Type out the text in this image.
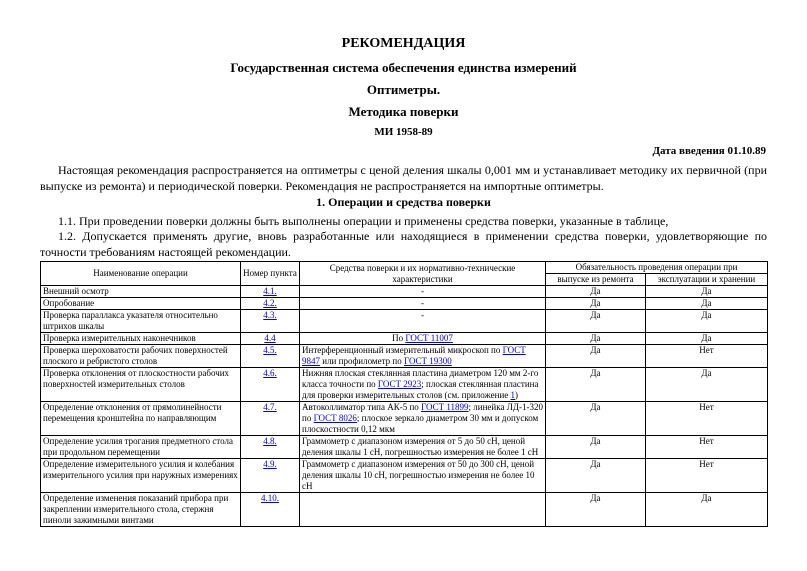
РЕКОМЕНДАЦИЯ
Государственная система обеспечения единства измерений
Оптиметры.
Методика поверки
МИ 1958-89
Дата введения 01.10.89
Настоящая рекомендация распространяется на оптиметры с ценой деления шкалы 0,001 мм и устанавливает методику их первичной (при выпуске из ремонта) и периодической поверки. Рекомендация не распространяется на импортные оптиметры.
1. Операции и средства поверки
1.1. При проведении поверки должны быть выполнены операции и применены средства поверки, указанные в таблице,
1.2. Допускается применять другие, вновь разработанные или находящиеся в применении средства поверки, удовлетворяющие по точности требованиям настоящей рекомендации.
Наименование операции	Номер пункта	Средства поверки и их нормативно-технические характеристики	Обязательность проведения операции при	
			выпуске из ремонта	эксплуатации и хранении
Внешний осмотр	4.1.	-	Да	Да
Опробование	4.2.	-	Да	Да
Проверка параллакса указателя относительно штрихов шкалы	4.3.	-	Да	Да
Проверка измерительных наконечников	4.4	По ГОСТ 11007	Да	Да
Проверка шероховатости рабочих поверхностей плоского и ребристого столов	4.5.	Интерференционный измерительный микроскоп по ГОСТ 9847 или профилометр по ГОСТ 19300	Да	Нет
Проверка отклонения от плоскостности рабочих поверхностей измерительных столов	4.6.	Нижняя плоская стеклянная пластина диаметром 120 мм 2-го класса точности по ГОСТ 2923; плоская стеклянная пластина для проверки измерительных столов (см. приложение 1)	Да	Да
Определение отклонения от прямолинейности перемещения кронштейна по направляющим	4.7.	Автоколлиматор типа АК-5 по ГОСТ 11899; линейка ЛД-1-320 по ГОСТ 8026; плоское зеркало диаметром 30 мм и допуском плоскостности 0,12 мкм	Да	Нет
Определение усилия трогания предметного стола при продольном перемещении	4.8.	Граммометр с диапазоном измерения от 5 до 50 сН, ценой деления шкалы 1 сН, погрешностью измерения не более 1 сН	Да	Нет
Определение измерительного усилия и колебания измерительного усилия при наружных измерениях	4.9.	Граммометр с диапазоном измерения от 50 до 300 сН, ценой деления шкалы 10 сН, погрешностью измерения не более 10 сН	Да	Нет
Определение изменения показаний прибора при закреплении измерительного стола, стержня пиноли зажимными винтами	4.10.		Да	Да
